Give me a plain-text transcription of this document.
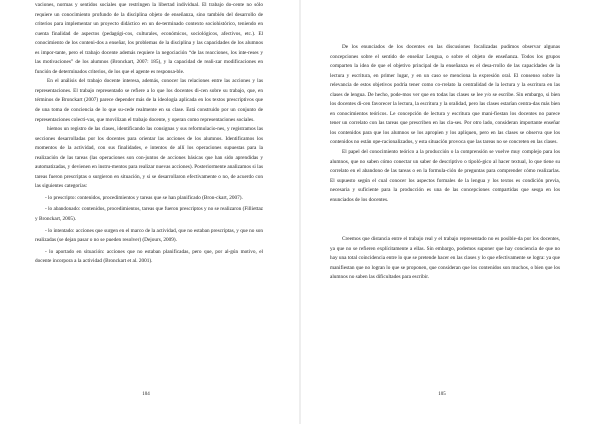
vaciones, normas y sentidos sociales que restringen la libertad individual. El trabajo do-cente no sólo requiere un conocimiento profundo de la disciplina objeto de enseñanza, sino también del desarrollo de criterios para implementar un proyecto didáctico en un de-terminado contexto sociohistórico, teniendo en cuenta finalidad de aspectos (pedagógi-cos, culturales, económicos, sociológicos, afectivos, etc.). El conocimiento de los conteni-dos a enseñar, los problemas de la disciplina y las capacidades de los alumnos es impor-tante, pero el trabajo docente además requiere la negociación “de las reacciones, los inte-reses y las motivaciones” de los alumnos (Bronckart, 2007: 185), y la capacidad de reali-zar modificaciones en función de determinados criterios, de los que el agente es responsa-ble.

En el análisis del trabajo docente interesa, además, conocer las relaciones entre las acciones y las representaciones. El trabajo representado se refiere a lo que los docentes di-cen sobre su trabajo, que, en términos de Bronckart (2007) parece depender más de la ideología aplicada en los textos prescriptivos que de una toma de conciencia de lo que su-cede realmente en su clase. Está construido por un conjunto de representaciones colecti-vas, que movilizan el trabajo docente, y operan como representaciones sociales.

hiemos un registro de las clases, identificando las consignas y sus reformulacio-nes, y registramos las secciones desarrolladas por los docentes para orientar las acciones de los alumnos. Identificamos los momentos de la actividad, con sus finalidades, e intentos de allí los operaciones supuestas para la realización de las tareas (las operaciones son con-juntos de acciones básicas que han sido aprendidas y automatizadas, y devienen en instru-mentos para realizar nuevas acciones). Posteriormente analizamos si las tareas fueron prescriptas o surgieron en situación, y si se desarrollaron efectivamente o no, de acuerdo con las siguientes categorías:

- lo prescripto: contenidos, procedimientos y tareas que se han planificado (Bron-ckart, 2007).

- lo abandonado: contenidos, procedimientos, tareas que fueron prescriptos y no se realizaron (Filliettaz y Bronckart, 2005).

- lo intentado: acciones que surgen en el marco de la actividad, que no estaban prescriptas, y que no son realizadas (se dejan pasar o no se pueden resolver) (Dejours, 2009).

- lo aportado en situación: acciones que no estaban planificadas, pero que, por al-gún motivo, el docente incorpora a la actividad (Bronckart et al. 2001).

104

De los enunciados de los docentes en las discusiones focalizadas pudimos observar algunas concepciones sobre el sentido de enseñar Lengua, o sobre el objeto de enseñanza. Todos los grupos comparten la idea de que el objetivo principal de la enseñanza es el desa-rrollo de las capacidades de la lectura y escritura, en primer lugar, y en un caso se menciona la expresión oral. El consenso sobre la relevancia de estos objetivos podría tener como co-rrelato la centralidad de la lectura y la escritura en las clases de lengua. De hecho, pode-mos ver que en todas las clases se lee y/o se escribe. Sin embargo, si bien los docentes di-cen favorecer la lectura, la escritura y la oralidad, pero las clases estarían centra-das más bien en conocimientos teóricos. Le concepción de lectura y escritura que mani-fiestan los docentes no parece tener un correlato con las tareas que prescriben en las cla-ses. Por otro lado, consideran importante enseñar los contenidos para que los alumnos se los apropien y los apliquen, pero en las clases se observa que los contenidos no están ope-racionalizados, y esta situación provoca que las tareas no se concreten en las clases.

El papel del conocimiento teórico a la producción o la comprensión se vuelve muy complejo para los alumnos, que no saben cómo conectar un saber de descriptivo o tipoló-gico al hacer textual, lo que tiene su correlato en el abandono de las tareas o en la formula-ción de preguntas para comprender cómo realizarlas. El supuesto según el cual conocer los aspectos formales de la lengua y los textos es condición previa, necesaria y suficiente para la producción es una de las concepciones compartidas que sesga en los enunciados de los docentes.

Creemos que distancia entre el trabajo real y el trabajo representado no es posible-da por los docentes, ya que no se refieren explícitamente a ellas. Sin embargo, podemos suponer que hay conciencia de que no hay una total coincidencia entre lo que se pretende hacer en las clases y lo que efectivamente se logra: ya que manifiestan que no logran lo que se proponen, que consideran que los contenidos son muchos, o bien que los alumnos no saben las dificultades para escribir.

105
